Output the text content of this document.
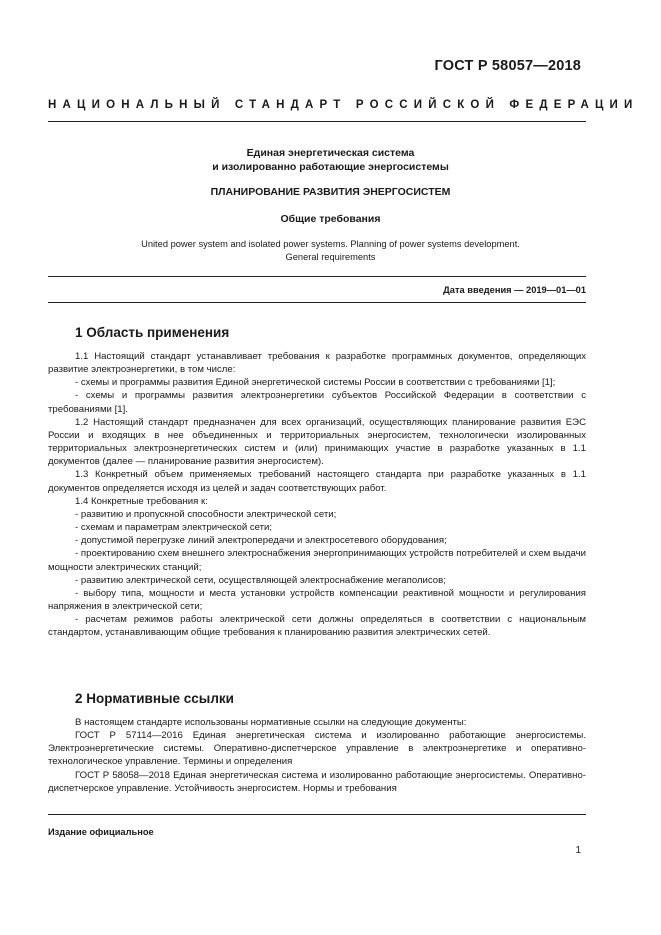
ГОСТ Р 58057—2018
НАЦИОНАЛЬНЫЙ СТАНДАРТ РОССИЙСКОЙ ФЕДЕРАЦИИ
Единая энергетическая система
и изолированно работающие энергосистемы
ПЛАНИРОВАНИЕ РАЗВИТИЯ ЭНЕРГОСИСТЕМ
Общие требования
United power system and isolated power systems. Planning of power systems development.
General requirements
Дата введения — 2019—01—01
1 Область применения

1.1 Настоящий стандарт устанавливает требования к разработке программных документов, определяющих развитие электроэнергетики, в том числе:

- схемы и программы развития Единой энергетической системы России в соответствии с требованиями [1];

- схемы и программы развития электроэнергетики субъектов Российской Федерации в соответствии с требованиями [1].

1.2 Настоящий стандарт предназначен для всех организаций, осуществляющих планирование развития ЕЭС России и входящих в нее объединенных и территориальных энергосистем, технологически изолированных территориальных электроэнергетических систем и (или) принимающих участие в разработке указанных в 1.1 документов (далее — планирование развития энергосистем).

1.3 Конкретный объем применяемых требований настоящего стандарта при разработке указанных в 1.1 документов определяется исходя из целей и задач соответствующих работ.

1.4 Конкретные требования к:

- развитию и пропускной способности электрической сети;

- схемам и параметрам электрической сети;

- допустимой перегрузке линий электропередачи и электросетевого оборудования;

- проектированию схем внешнего электроснабжения энергопринимающих устройств потребителей и схем выдачи мощности электрических станций;

- развитию электрической сети, осуществляющей электроснабжение мегаполисов;

- выбору типа, мощности и места установки устройств компенсации реактивной мощности и регулирования напряжения в электрической сети;

- расчетам режимов работы электрической сети должны определяться в соответствии с национальным стандартом, устанавливающим общие требования к планированию развития электрических сетей.

2 Нормативные ссылки

В настоящем стандарте использованы нормативные ссылки на следующие документы:

ГОСТ Р 57114—2016 Единая энергетическая система и изолированно работающие энергосистемы. Электроэнергетические системы. Оперативно-диспетчерское управление в электроэнергетике и оперативно-технологическое управление. Термины и определения

ГОСТ Р 58058—2018 Единая энергетическая система и изолированно работающие энергосистемы. Оперативно-диспетчерское управление. Устойчивость энергосистем. Нормы и требования

Издание официальное
1
